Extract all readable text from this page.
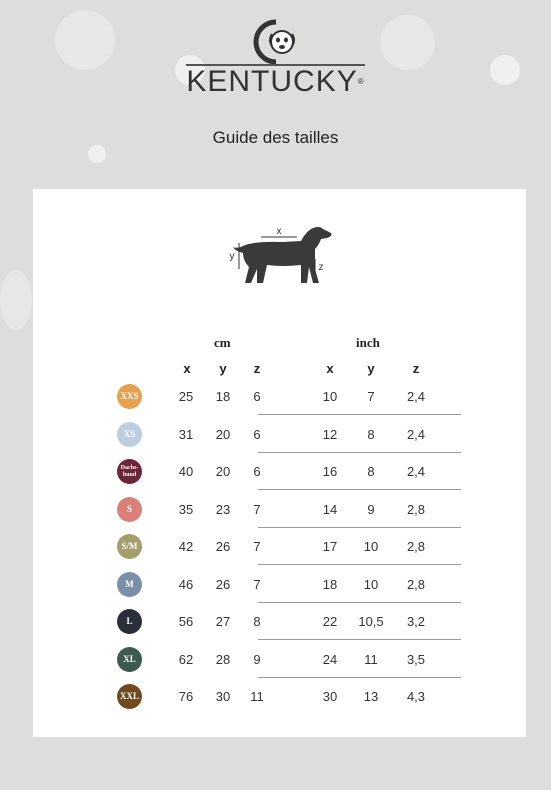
KENTUCKY®
Guide des tailles
x
y
z
cm	inch
x	y	z	x	y	z
XXS	25	18	6	10	7	2,4
XS	31	20	6	12	8	2,4
Dachs-hund	40	20	6	16	8	2,4
S	35	23	7	14	9	2,8
S/M	42	26	7	17	10	2,8
M	46	26	7	18	10	2,8
L	56	27	8	22	10,5	3,2
XL	62	28	9	24	11	3,5
XXL	76	30	11	30	13	4,3
